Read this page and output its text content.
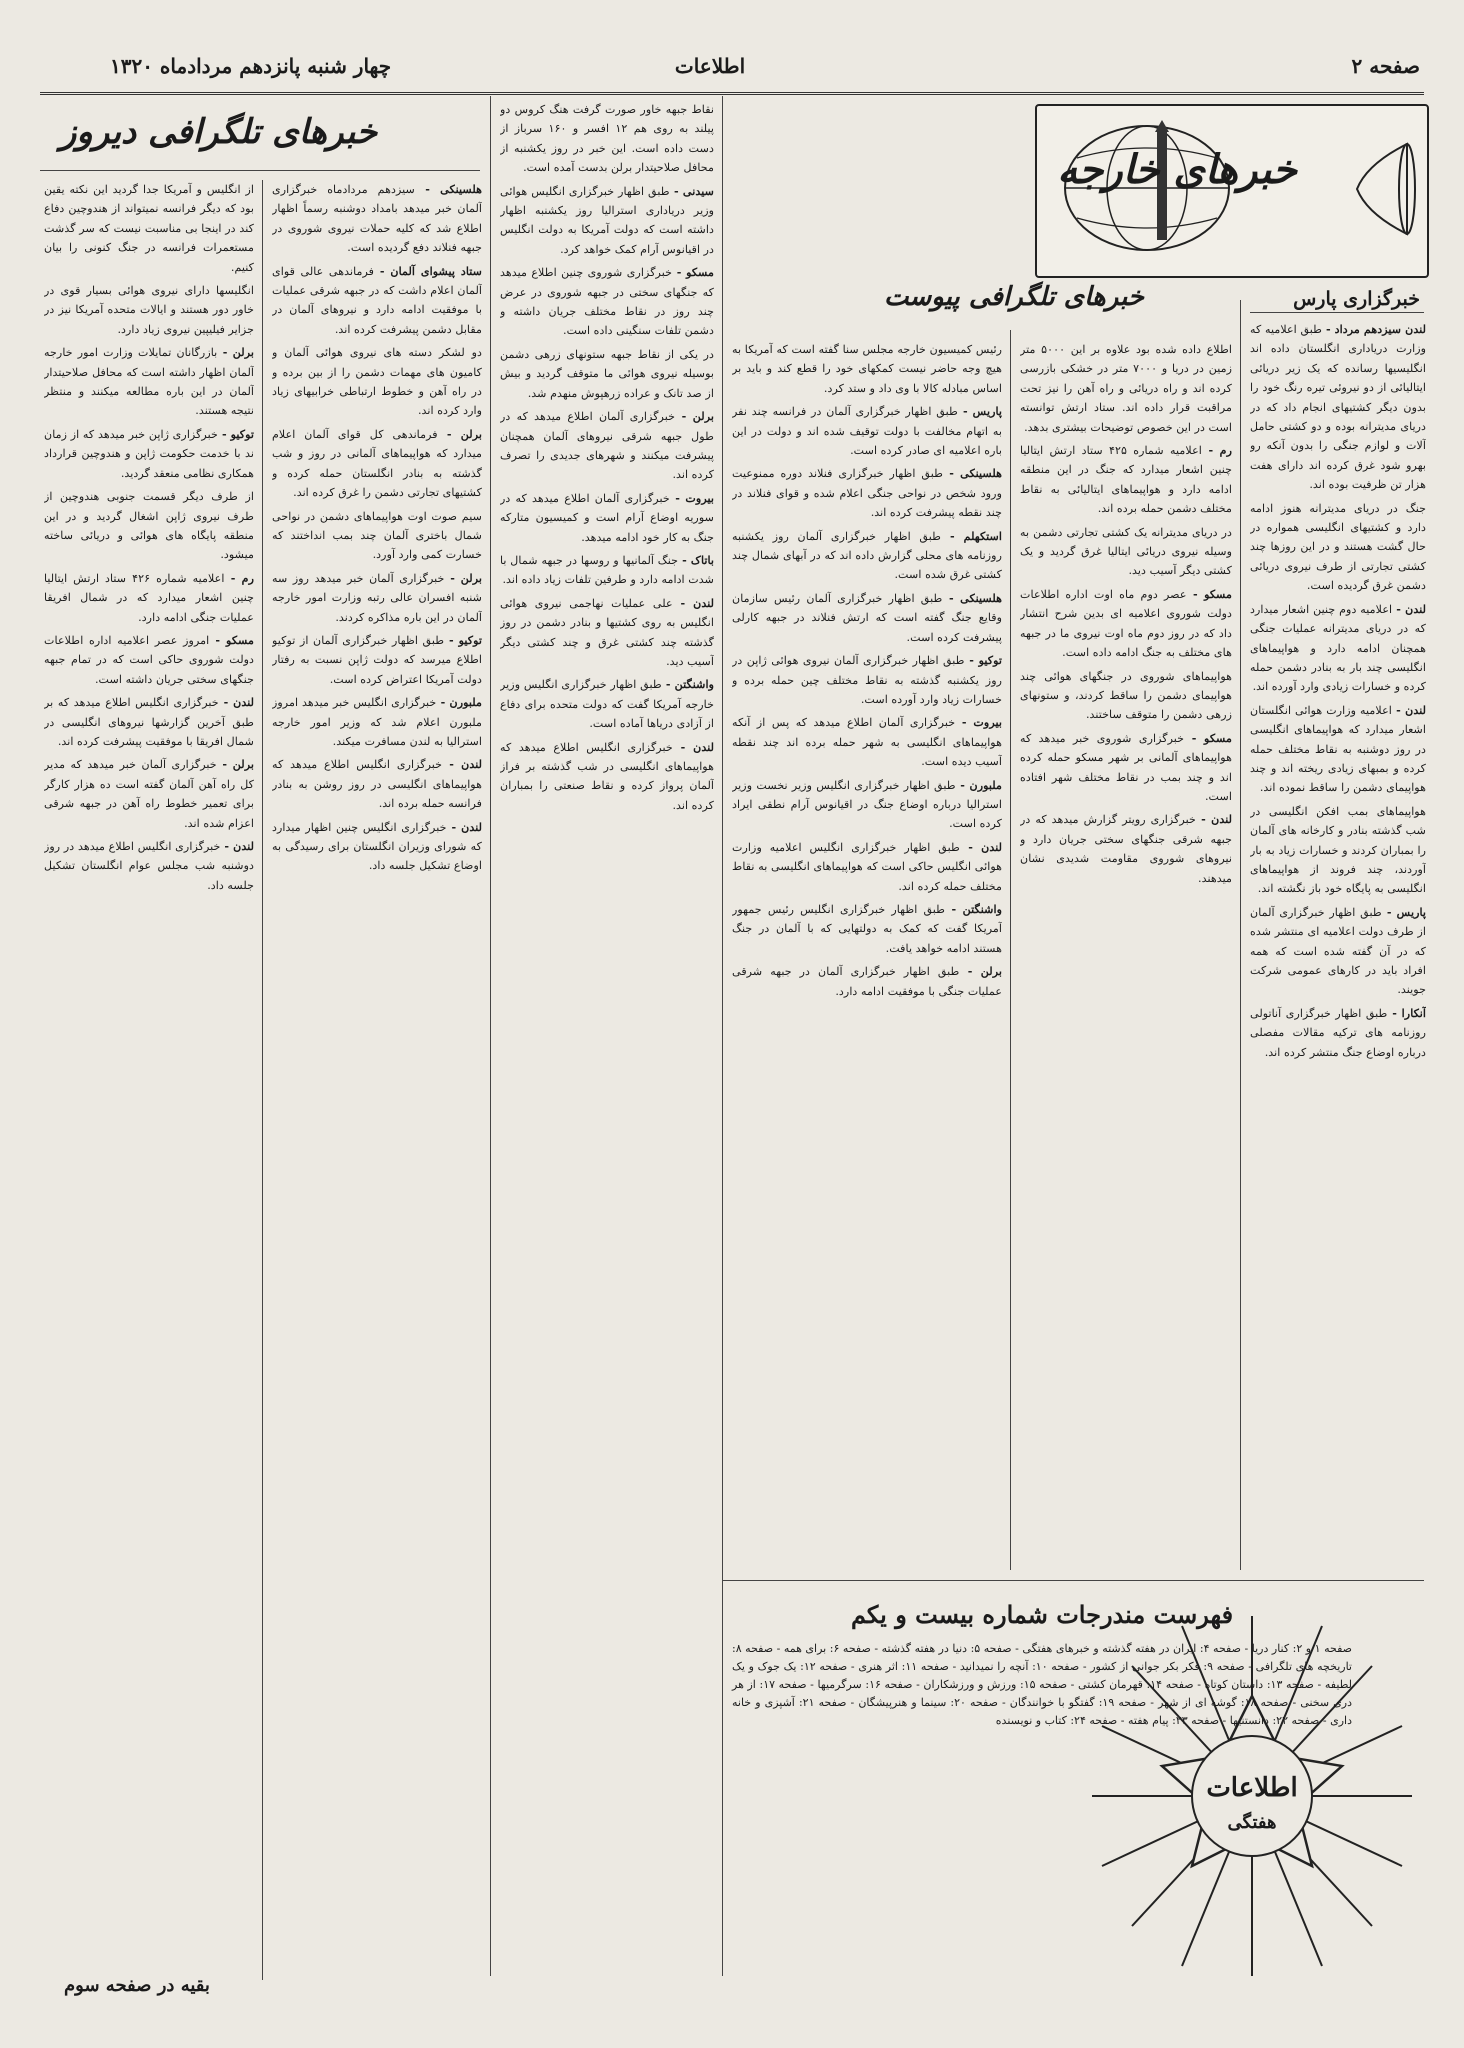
صفحه ۲
اطلاعات
چهار شنبه پانزدهم مردادماه ۱۳۲۰
خبرهای خارجه
خبرگزاری پارس
خبرهای تلگرافی پیوست
خبرهای تلگرافی دیروز

لندن سیزدهم مرداد - طبق اعلامیه که وزارت دریاداری انگلستان داده اند انگلیسیها رسانده که یک زیر دریائی ایتالیائی از دو نیروئی تیره رنگ خود را بدون دیگر کشتیهای انجام داد که در دریای مدیترانه بوده و دو کشتی حامل آلات و لوازم جنگی را بدون آنکه رو بهرو شود غرق کرده اند دارای هفت هزار تن ظرفیت بوده اند.

جنگ در دریای مدیترانه هنوز ادامه دارد و کشتیهای انگلیسی همواره در حال گشت هستند و در این روزها چند کشتی تجارتی از طرف نیروی دریائی دشمن غرق گردیده است.

لندن - اعلامیه دوم چنین اشعار میدارد که در دریای مدیترانه عملیات جنگی همچنان ادامه دارد و هواپیماهای انگلیسی چند بار به بنادر دشمن حمله کرده و خسارات زیادی وارد آورده اند.

لندن - اعلامیه وزارت هوائی انگلستان اشعار میدارد که هواپیماهای انگلیسی در روز دوشنبه به نقاط مختلف حمله کرده و بمبهای زیادی ریخته اند و چند هواپیمای دشمن را ساقط نموده اند.

هواپیماهای بمب افکن انگلیسی در شب گذشته بنادر و کارخانه های آلمان را بمباران کردند و خسارات زیاد به بار آوردند، چند فروند از هواپیماهای انگلیسی به پایگاه خود باز نگشته اند.

پاریس - طبق اظهار خبرگزاری آلمان از طرف دولت اعلامیه ای منتشر شده که در آن گفته شده است که همه افراد باید در کارهای عمومی شرکت جویند.

آنکارا - طبق اظهار خبرگزاری آناتولی روزنامه های ترکیه مقالات مفصلی درباره اوضاع جنگ منتشر کرده اند.

اطلاع داده شده بود علاوه بر این ۵۰۰۰ متر زمین در دریا و ۷۰۰۰ متر در خشکی بازرسی کرده اند و راه دریائی و راه آهن را نیز تحت مراقبت قرار داده اند. ستاد ارتش توانسته است در این خصوص توضیحات بیشتری بدهد.

رم - اعلامیه شماره ۴۲۵ ستاد ارتش ایتالیا چنین اشعار میدارد که جنگ در این منطقه ادامه دارد و هواپیماهای ایتالیائی به نقاط مختلف دشمن حمله برده اند.

در دریای مدیترانه یک کشتی تجارتی دشمن به وسیله نیروی دریائی ایتالیا غرق گردید و یک کشتی دیگر آسیب دید.

مسکو - عصر دوم ماه اوت اداره اطلاعات دولت شوروی اعلامیه ای بدین شرح انتشار داد که در روز دوم ماه اوت نیروی ما در جبهه های مختلف به جنگ ادامه داده است.

هواپیماهای شوروی در جنگهای هوائی چند هواپیمای دشمن را ساقط کردند، و ستونهای زرهی دشمن را متوقف ساختند.

مسکو - خبرگزاری شوروی خبر میدهد که هواپیماهای آلمانی بر شهر مسکو حمله کرده اند و چند بمب در نقاط مختلف شهر افتاده است.

لندن - خبرگزاری رویتر گزارش میدهد که در جبهه شرقی جنگهای سختی جریان دارد و نیروهای شوروی مقاومت شدیدی نشان میدهند.

رئیس کمیسیون خارجه مجلس سنا گفته است که آمریکا به هیچ وجه حاضر نیست کمکهای خود را قطع کند و باید بر اساس مبادله کالا با وی داد و ستد کرد.

پاریس - طبق اظهار خبرگزاری آلمان در فرانسه چند نفر به اتهام مخالفت با دولت توقیف شده اند و دولت در این باره اعلامیه ای صادر کرده است.

هلسینکی - طبق اظهار خبرگزاری فنلاند دوره ممنوعیت ورود شخص در نواحی جنگی اعلام شده و قوای فنلاند در چند نقطه پیشرفت کرده اند.

استکهلم - طبق اظهار خبرگزاری آلمان روز یکشنبه روزنامه های محلی گزارش داده اند که در آبهای شمال چند کشتی غرق شده است.

هلسینکی - طبق اظهار خبرگزاری آلمان رئیس سازمان وقایع جنگ گفته است که ارتش فنلاند در جبهه کارلی پیشرفت کرده است.

توکیو - طبق اظهار خبرگزاری آلمان نیروی هوائی ژاپن در روز یکشنبه گذشته به نقاط مختلف چین حمله برده و خسارات زیاد وارد آورده است.

بیروت - خبرگزاری آلمان اطلاع میدهد که پس از آنکه هواپیماهای انگلیسی به شهر حمله برده اند چند نقطه آسیب دیده است.

ملبورن - طبق اظهار خبرگزاری انگلیس وزیر نخست وزیر استرالیا درباره اوضاع جنگ در اقیانوس آرام نطقی ایراد کرده است.

لندن - طبق اظهار خبرگزاری انگلیس اعلامیه وزارت هوائی انگلیس حاکی است که هواپیماهای انگلیسی به نقاط مختلف حمله کرده اند.

واشنگتن - طبق اظهار خبرگزاری انگلیس رئیس جمهور آمریکا گفت که کمک به دولتهایی که با آلمان در جنگ هستند ادامه خواهد یافت.

برلن - طبق اظهار خبرگزاری آلمان در جبهه شرقی عملیات جنگی با موفقیت ادامه دارد.

نقاط جبهه خاور صورت گرفت هنگ کروس دو پیلند به روی هم ۱۲ افسر و ۱۶۰ سرباز از دست داده است. این خبر در روز یکشنبه از محافل صلاحیتدار برلن بدست آمده است.

سیدنی - طبق اظهار خبرگزاری انگلیس هوائی وزیر دریاداری استرالیا روز یکشنبه اظهار داشته است که دولت آمریکا به دولت انگلیس در اقیانوس آرام کمک خواهد کرد.

مسکو - خبرگزاری شوروی چنین اطلاع میدهد که جنگهای سختی در جبهه شوروی در عرض چند روز در نقاط مختلف جریان داشته و دشمن تلفات سنگینی داده است.

در یکی از نقاط جبهه ستونهای زرهی دشمن بوسیله نیروی هوائی ما متوقف گردید و بیش از صد تانک و عراده زرهپوش منهدم شد.

برلن - خبرگزاری آلمان اطلاع میدهد که در طول جبهه شرقی نیروهای آلمان همچنان پیشرفت میکنند و شهرهای جدیدی را تصرف کرده اند.

بیروت - خبرگزاری آلمان اطلاع میدهد که در سوریه اوضاع آرام است و کمیسیون متارکه جنگ به کار خود ادامه میدهد.

باتاک - جنگ آلمانیها و روسها در جبهه شمال با شدت ادامه دارد و طرفین تلفات زیاد داده اند.

لندن - علی عملیات نهاجمی نیروی هوائی انگلیس به روی کشتیها و بنادر دشمن در روز گذشته چند کشتی غرق و چند کشتی دیگر آسیب دید.

واشنگتن - طبق اظهار خبرگزاری انگلیس وزیر خارجه آمریکا گفت که دولت متحده برای دفاع از آزادی دریاها آماده است.

لندن - خبرگزاری انگلیس اطلاع میدهد که هواپیماهای انگلیسی در شب گذشته بر فراز آلمان پرواز کرده و نقاط صنعتی را بمباران کرده اند.

هلسینکی - سیزدهم مردادماه خبرگزاری آلمان خبر میدهد بامداد دوشنبه رسماً اظهار اطلاع شد که کلیه حملات نیروی شوروی در جبهه فنلاند دفع گردیده است.

ستاد پیشوای آلمان - فرماندهی عالی قوای آلمان اعلام داشت که در جبهه شرقی عملیات با موفقیت ادامه دارد و نیروهای آلمان در مقابل دشمن پیشرفت کرده اند.

دو لشکر دسته های نیروی هوائی آلمان و کامیون های مهمات دشمن را از بین برده و در راه آهن و خطوط ارتباطی خرابیهای زیاد وارد کرده اند.

برلن - فرماندهی کل قوای آلمان اعلام میدارد که هواپیماهای آلمانی در روز و شب گذشته به بنادر انگلستان حمله کرده و کشتیهای تجارتی دشمن را غرق کرده اند.

سیم صوت اوت هواپیماهای دشمن در نواحی شمال باختری آلمان چند بمب انداختند که خسارت کمی وارد آورد.

برلن - خبرگزاری آلمان خبر میدهد روز سه شنبه افسران عالی رتبه وزارت امور خارجه آلمان در این باره مذاکره کردند.

توکیو - طبق اظهار خبرگزاری آلمان از توکیو اطلاع میرسد که دولت ژاپن نسبت به رفتار دولت آمریکا اعتراض کرده است.

ملبورن - خبرگزاری انگلیس خبر میدهد امروز ملبورن اعلام شد که وزیر امور خارجه استرالیا به لندن مسافرت میکند.

لندن - خبرگزاری انگلیس اطلاع میدهد که هواپیماهای انگلیسی در روز روشن به بنادر فرانسه حمله برده اند.

لندن - خبرگزاری انگلیس چنین اظهار میدارد که شورای وزیران انگلستان برای رسیدگی به اوضاع تشکیل جلسه داد.

از انگلیس و آمریکا جدا گردید این نکته یقین بود که دیگر فرانسه نمیتواند از هندوچین دفاع کند در اینجا بی مناسبت نیست که سر گذشت مستعمرات فرانسه در جنگ کنونی را بیان کنیم.

انگلیسها دارای نیروی هوائی بسیار قوی در خاور دور هستند و ایالات متحده آمریکا نیز در جزایر فیلیپین نیروی زیاد دارد.

برلن - بازرگانان تمایلات وزارت امور خارجه آلمان اظهار داشته است که محافل صلاحیتدار آلمان در این باره مطالعه میکنند و منتظر نتیجه هستند.

توکیو - خبرگزاری ژاپن خبر میدهد که از زمان ند با خدمت حکومت ژاپن و هندوچین قرارداد همکاری نظامی منعقد گردید.

از طرف دیگر قسمت جنوبی هندوچین از طرف نیروی ژاپن اشغال گردید و در این منطقه پایگاه های هوائی و دریائی ساخته میشود.

رم - اعلامیه شماره ۴۲۶ ستاد ارتش ایتالیا چنین اشعار میدارد که در شمال افریقا عملیات جنگی ادامه دارد.

مسکو - امروز عصر اعلامیه اداره اطلاعات دولت شوروی حاکی است که در تمام جبهه جنگهای سختی جریان داشته است.

لندن - خبرگزاری انگلیس اطلاع میدهد که بر طبق آخرین گزارشها نیروهای انگلیسی در شمال افریقا با موفقیت پیشرفت کرده اند.

برلن - خبرگزاری آلمان خبر میدهد که مدیر کل راه آهن آلمان گفته است ده هزار کارگر برای تعمیر خطوط راه آهن در جبهه شرقی اعزام شده اند.

لندن - خبرگزاری انگلیس اطلاع میدهد در روز دوشنبه شب مجلس عوام انگلستان تشکیل جلسه داد.

اطلاعات
هفتگی
فهرست مندرجات شماره بیست و یکم
صفحه ۱ و ۲: کنار دریا - صفحه ۴: ایران در هفته گذشته و خبرهای هفتگی - صفحه ۵: دنیا در هفته گذشته - صفحه ۶: برای همه - صفحه ۸: تاریخچه های تلگرافی - صفحه ۹: فکر بکر جوانی از کشور - صفحه ۱۰: آنچه را نمیدانید - صفحه ۱۱: اثر هنری - صفحه ۱۲: یک جوک و یک لطیفه - صفحه ۱۳: داستان کوتاه - صفحه ۱۴: قهرمان کشتی - صفحه ۱۵: ورزش و ورزشکاران - صفحه ۱۶: سرگرمیها - صفحه ۱۷: از هر دری سخنی - صفحه ۱۸: گوشه ای از شهر - صفحه ۱۹: گفتگو با خوانندگان - صفحه ۲۰: سینما و هنرپیشگان - صفحه ۲۱: آشپزی و خانه داری - صفحه ۲۲: دانستنیها - صفحه ۲۳: پیام هفته - صفحه ۲۴: کتاب و نویسنده
بقیه در صفحه سوم
